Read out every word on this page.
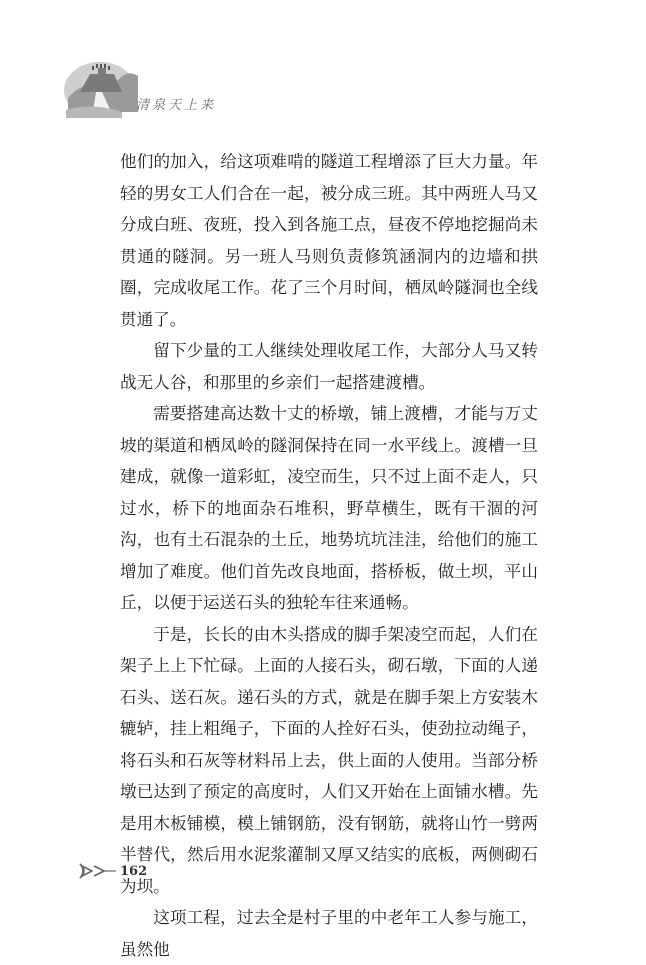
清泉天上来

他们的加入，给这项难啃的隧道工程增添了巨大力量。年轻的男女工人们合在一起，被分成三班。其中两班人马又分成白班、夜班，投入到各施工点，昼夜不停地挖掘尚未贯通的隧洞。另一班人马则负责修筑涵洞内的边墙和拱圈，完成收尾工作。花了三个月时间，栖凤岭隧洞也全线贯通了。

留下少量的工人继续处理收尾工作，大部分人马又转战无人谷，和那里的乡亲们一起搭建渡槽。

需要搭建高达数十丈的桥墩，铺上渡槽，才能与万丈坡的渠道和栖凤岭的隧洞保持在同一水平线上。渡槽一旦建成，就像一道彩虹，凌空而生，只不过上面不走人，只过水，桥下的地面杂石堆积，野草横生，既有干涸的河沟，也有土石混杂的土丘，地势坑坑洼洼，给他们的施工增加了难度。他们首先改良地面，搭桥板，做土坝，平山丘，以便于运送石头的独轮车往来通畅。

于是，长长的由木头搭成的脚手架凌空而起，人们在架子上上下忙碌。上面的人接石头，砌石墩，下面的人递石头、送石灰。递石头的方式，就是在脚手架上方安装木辘轳，挂上粗绳子，下面的人拴好石头，使劲拉动绳子，将石头和石灰等材料吊上去，供上面的人使用。当部分桥墩已达到了预定的高度时，人们又开始在上面铺水槽。先是用木板铺模，模上铺钢筋，没有钢筋，就将山竹一劈两半替代，然后用水泥浆灌制又厚又结实的底板，两侧砌石为坝。

这项工程，过去全是村子里的中老年工人参与施工，虽然他

162
